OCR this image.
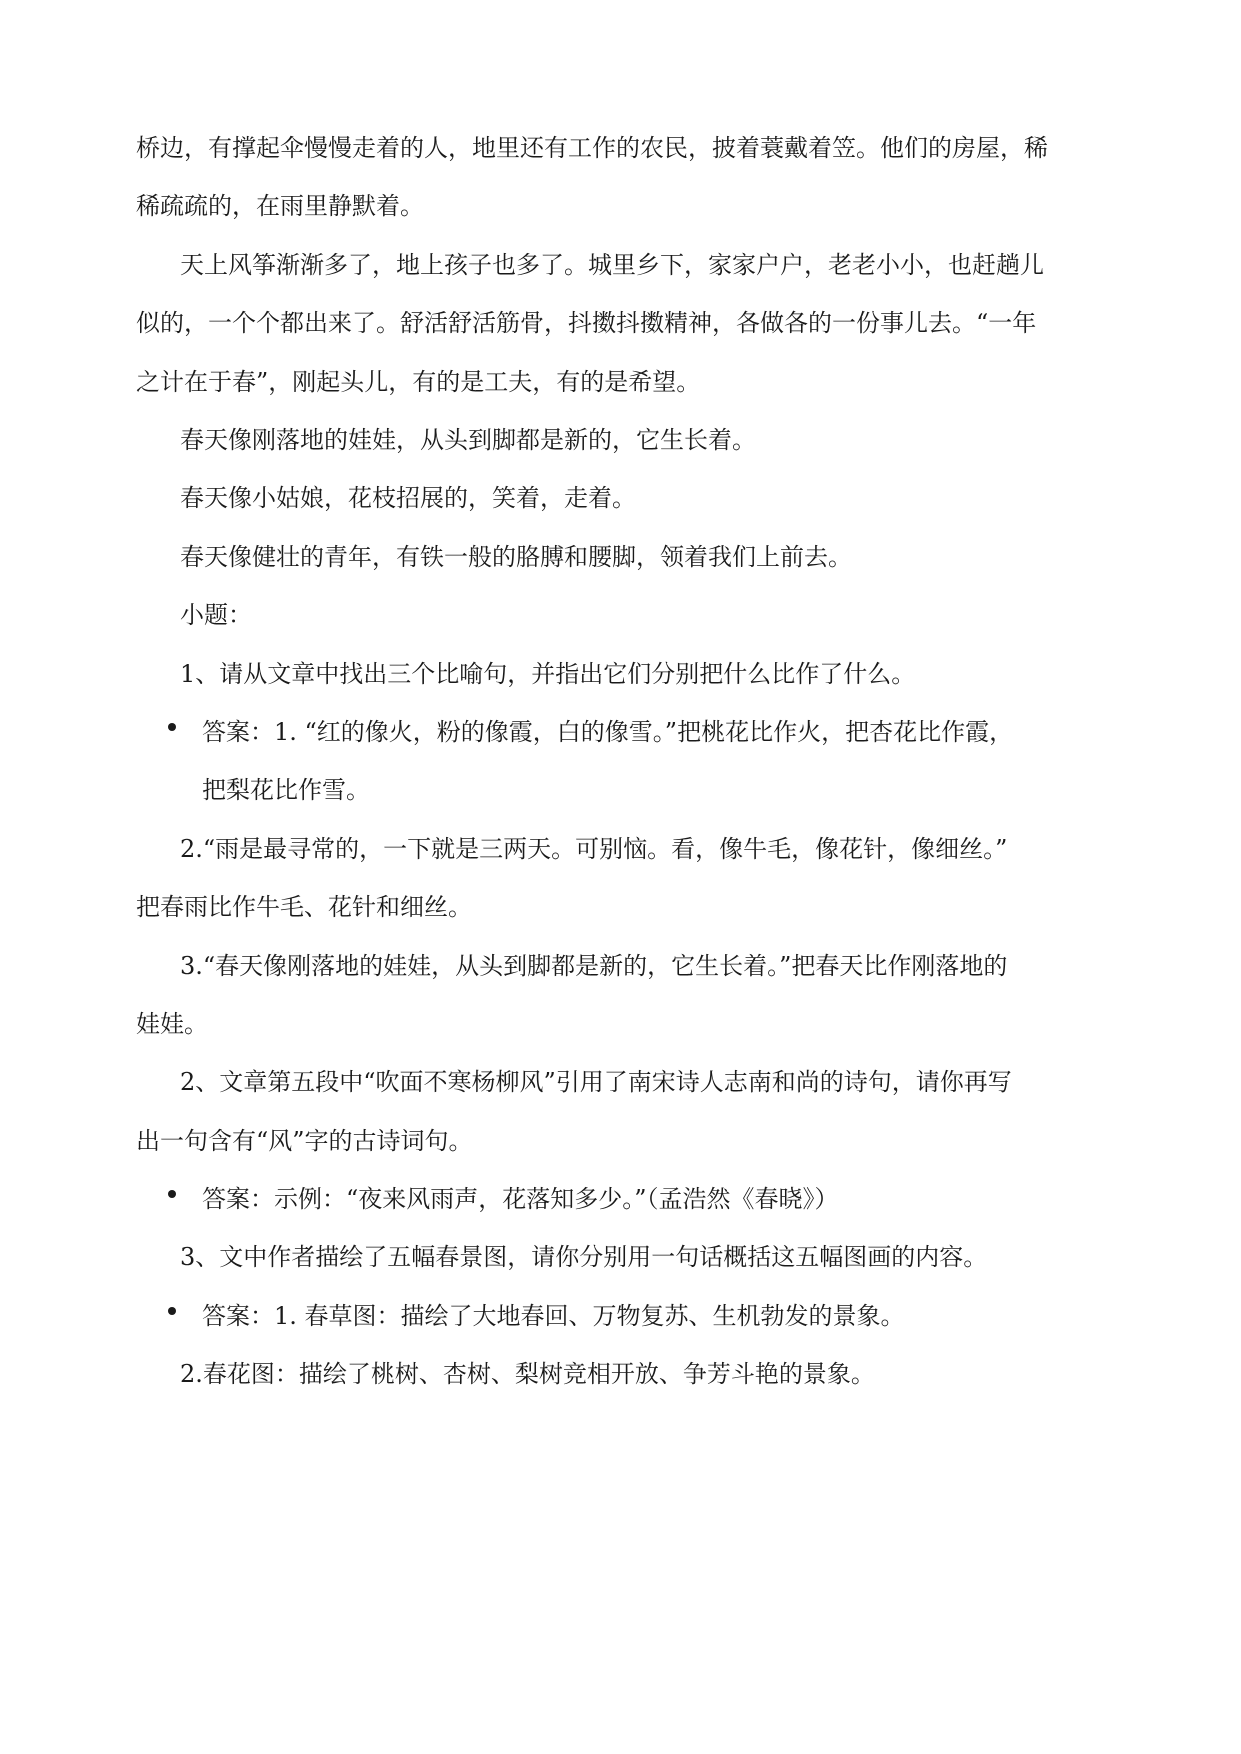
桥边，有撑起伞慢慢走着的人，地里还有工作的农民，披着蓑戴着笠。他们的房屋，稀

稀疏疏的，在雨里静默着。

天上风筝渐渐多了，地上孩子也多了。城里乡下，家家户户，老老小小，也赶趟儿

似的，一个个都出来了。舒活舒活筋骨，抖擞抖擞精神，各做各的一份事儿去。“一年

之计在于春”，刚起头儿，有的是工夫，有的是希望。

春天像刚落地的娃娃，从头到脚都是新的，它生长着。

春天像小姑娘，花枝招展的，笑着，走着。

春天像健壮的青年，有铁一般的胳膊和腰脚，领着我们上前去。

小题：

1、请从文章中找出三个比喻句，并指出它们分别把什么比作了什么。

答案：1. “红的像火，粉的像霞，白的像雪。”把桃花比作火，把杏花比作霞，

把梨花比作雪。

2.“雨是最寻常的，一下就是三两天。可别恼。看，像牛毛，像花针，像细丝。”

把春雨比作牛毛、花针和细丝。

3.“春天像刚落地的娃娃，从头到脚都是新的，它生长着。”把春天比作刚落地的

娃娃。

2、文章第五段中“吹面不寒杨柳风”引用了南宋诗人志南和尚的诗句，请你再写

出一句含有“风”字的古诗词句。

答案：示例：“夜来风雨声，花落知多少。”（孟浩然《春晓》）

3、文中作者描绘了五幅春景图，请你分别用一句话概括这五幅图画的内容。

答案：1. 春草图：描绘了大地春回、万物复苏、生机勃发的景象。

2.春花图：描绘了桃树、杏树、梨树竞相开放、争芳斗艳的景象。
